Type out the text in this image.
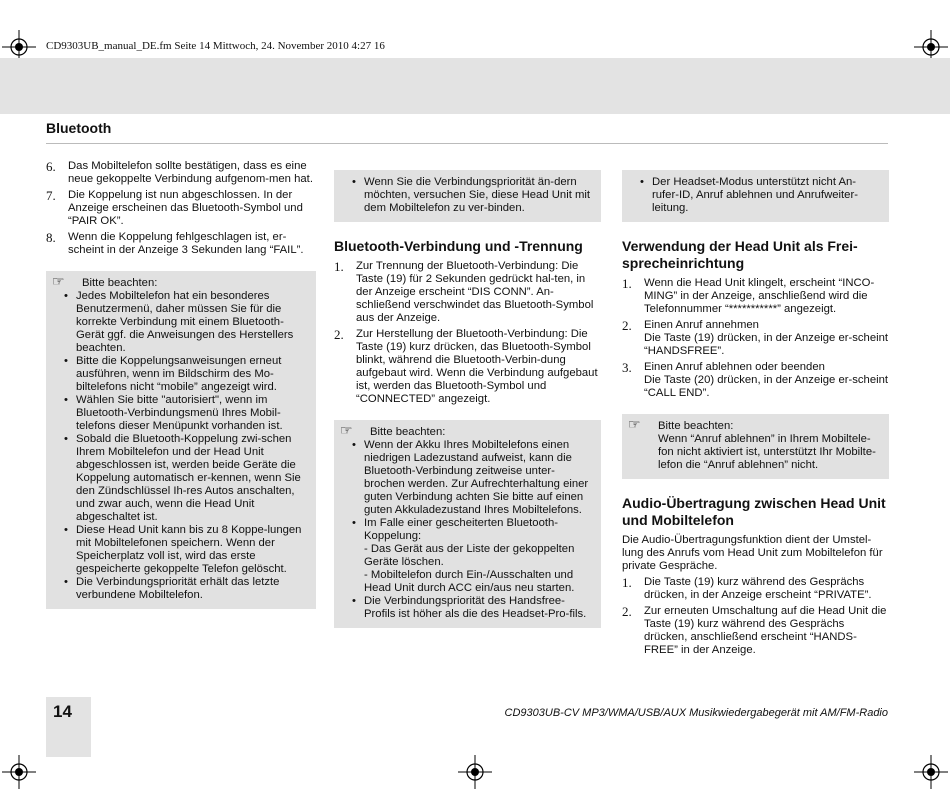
CD9303UB_manual_DE.fm Seite 14 Mittwoch, 24. November 2010 4:27 16
Bluetooth
6.	Das Mobiltelefon sollte bestätigen, dass es eine neue gekoppelte Verbindung aufgenom-men hat.
7.	Die Koppelung ist nun abgeschlossen. In der Anzeige erscheinen das Bluetooth-Symbol und “PAIR OK”.
8.	Wenn die Koppelung fehlgeschlagen ist, er-scheint in der Anzeige 3 Sekunden lang “FAIL”.
☞ Bitte beachten:
• Jedes Mobiltelefon hat ein besonderes Benutzermenü, daher müssen Sie für die korrekte Verbindung mit einem Bluetooth-Gerät ggf. die Anweisungen des Herstellers beachten.
• Bitte die Koppelungsanweisungen erneut ausführen, wenn im Bildschirm des Mo-biltelefons nicht “mobile” angezeigt wird.
• Wählen Sie bitte "autorisiert", wenn im Bluetooth-Verbindungsmenü Ihres Mobil-telefons dieser Menüpunkt vorhanden ist.
• Sobald die Bluetooth-Koppelung zwi-schen Ihrem Mobiltelefon und der Head Unit abgeschlossen ist, werden beide Geräte die Koppelung automatisch er-kennen, wenn Sie den Zündschlüssel Ih-res Autos anschalten, und zwar auch, wenn die Head Unit abgeschaltet ist.
• Diese Head Unit kann bis zu 8 Koppe-lungen mit Mobiltelefonen speichern. Wenn der Speicherplatz voll ist, wird das erste gespeicherte gekoppelte Telefon gelöscht.
• Die Verbindungspriorität erhält das letzte verbundene Mobiltelefon.
• Wenn Sie die Verbindungspriorität än-dern möchten, versuchen Sie, diese Head Unit mit dem Mobiltelefon zu ver-binden.
Bluetooth-Verbindung und -Trennung
1.	Zur Trennung der Bluetooth-Verbindung: Die Taste (19) für 2 Sekunden gedrückt hal-ten, in der Anzeige erscheint “DIS CONN”. An-schließend verschwindet das Bluetooth-Symbol aus der Anzeige.
2.	Zur Herstellung der Bluetooth-Verbindung: Die Taste (19) kurz drücken, das Bluetooth-Symbol blinkt, während die Bluetooth-Verbin-dung aufgebaut wird. Wenn die Verbindung aufgebaut ist, werden das Bluetooth-Symbol und “CONNECTED” angezeigt.
☞ Bitte beachten:
• Wenn der Akku Ihres Mobiltelefons einen niedrigen Ladezustand aufweist, kann die Bluetooth-Verbindung zeitweise unter-brochen werden. Zur Aufrechterhaltung einer guten Verbindung achten Sie bitte auf einen guten Akkuladezustand Ihres Mobiltelefons.
• Im Falle einer gescheiterten Bluetooth-Koppelung:
- Das Gerät aus der Liste der gekoppelten Geräte löschen.
- Mobiltelefon durch Ein-/Ausschalten und Head Unit durch ACC ein/aus neu starten.
• Die Verbindungspriorität des Handsfree-Profils ist höher als die des Headset-Pro-fils.
• Der Headset-Modus unterstützt nicht An-rufer-ID, Anruf ablehnen und Anrufweiter-leitung.
Verwendung der Head Unit als Frei-sprecheinrichtung
1.	Wenn die Head Unit klingelt, erscheint “INCO-MING” in der Anzeige, anschließend wird die Telefonnummer “***********” angezeigt.
2.	Einen Anruf annehmen
Die Taste (19) drücken, in der Anzeige er-scheint “HANDSFREE”.
3.	Einen Anruf ablehnen oder beenden
Die Taste (20) drücken, in der Anzeige er-scheint “CALL END”.
☞ Bitte beachten:
Wenn “Anruf ablehnen” in Ihrem Mobiltele-fon nicht aktiviert ist, unterstützt Ihr Mobilte-lefon die “Anruf ablehnen” nicht.
Audio-Übertragung zwischen Head Unit und Mobiltelefon
Die Audio-Übertragungsfunktion dient der Umstel-lung des Anrufs vom Head Unit zum Mobiltelefon für private Gespräche.
1.	Die Taste (19) kurz während des Gesprächs drücken, in der Anzeige erscheint “PRIVATE”.
2.	Zur erneuten Umschaltung auf die Head Unit die Taste (19) kurz während des Gesprächs drücken, anschließend erscheint “HANDS-FREE” in der Anzeige.
14	CD9303UB-CV MP3/WMA/USB/AUX Musikwiedergabegerät mit AM/FM-Radio
